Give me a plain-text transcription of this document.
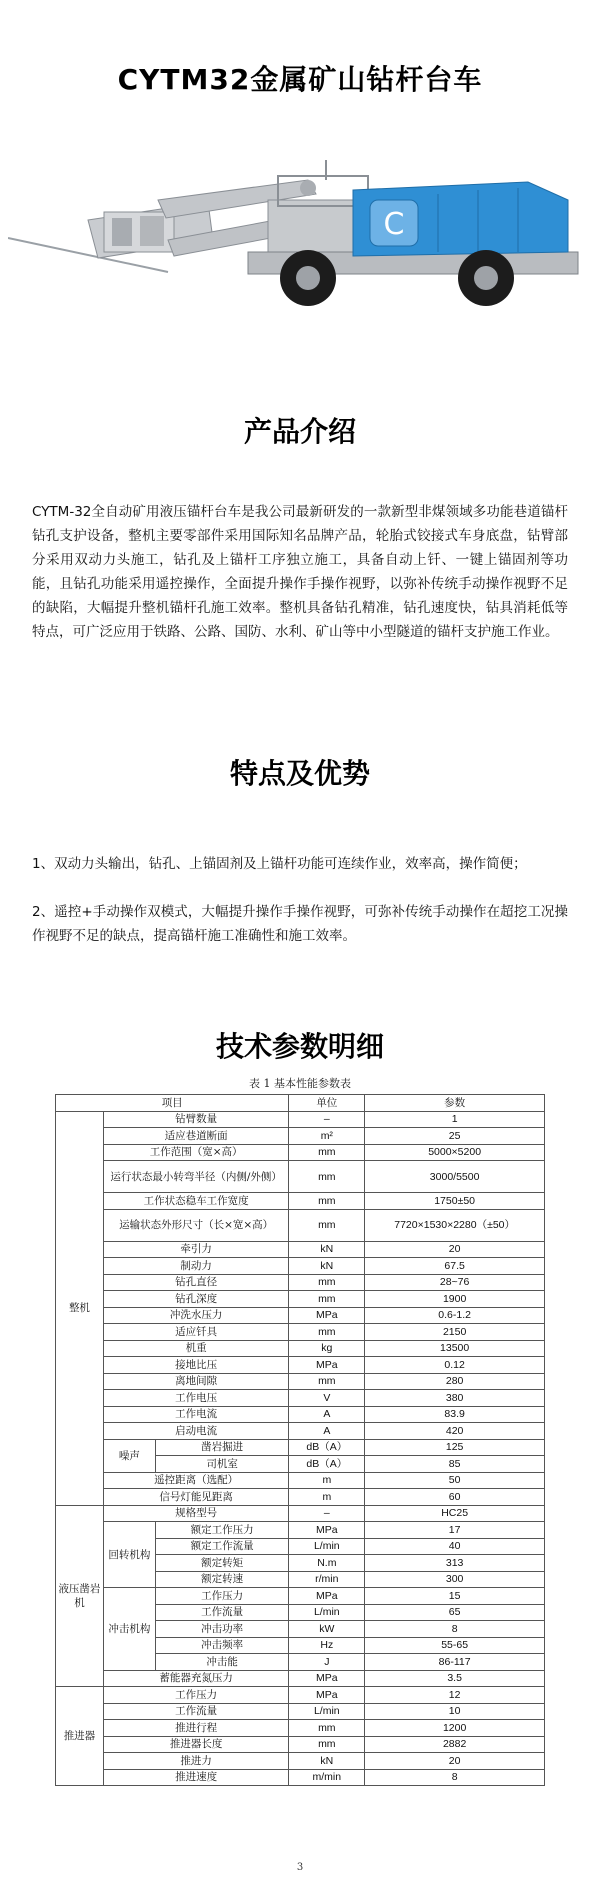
CYTM32金属矿山钻杆台车
C
产品介绍
CYTM-32全自动矿用液压锚杆台车是我公司最新研发的一款新型非煤领域多功能巷道锚杆钻孔支护设备，整机主要零部件采用国际知名品牌产品，轮胎式铰接式车身底盘，钻臂部分采用双动力头施工，钻孔及上锚杆工序独立施工，具备自动上钎、一键上锚固剂等功能，且钻孔功能采用遥控操作，全面提升操作手操作视野，以弥补传统手动操作视野不足的缺陷，大幅提升整机锚杆孔施工效率。整机具备钻孔精准，钻孔速度快，钻具消耗低等特点，可广泛应用于铁路、公路、国防、水利、矿山等中小型隧道的锚杆支护施工作业。
特点及优势
1、双动力头输出，钻孔、上锚固剂及上锚杆功能可连续作业，效率高，操作简便；
2、遥控+手动操作双模式，大幅提升操作手操作视野，可弥补传统手动操作在超挖工况操作视野不足的缺点，提高锚杆施工准确性和施工效率。
技术参数明细
表 1 基本性能参数表
项目			单位	参数
整机	钻臂数量		–	1
	适应巷道断面		m²	25
	工作范围（宽×高）		mm	5000×5200
	运行状态最小转弯半径（内侧/外侧）		mm	3000/5500
	工作状态稳车工作宽度		mm	1750±50
	运输状态外形尺寸（长×宽×高）		mm	7720×1530×2280（±50）
	牵引力		kN	20
	制动力		kN	67.5
	钻孔直径		mm	28~76
	钻孔深度		mm	1900
	冲洗水压力		MPa	0.6-1.2
	适应钎具		mm	2150
	机重		kg	13500
	接地比压		MPa	0.12
	离地间隙		mm	280
	工作电压		V	380
	工作电流		A	83.9
	启动电流		A	420
	噪声	凿岩掘进	dB（A）	125
		司机室	dB（A）	85
	遥控距离（选配）		m	50
	信号灯能见距离		m	60
液压凿岩机	规格型号		–	HC25
	回转机构	额定工作压力	MPa	17
		额定工作流量	L/min	40
		额定转矩	N.m	313
		额定转速	r/min	300
	冲击机构	工作压力	MPa	15
		工作流量	L/min	65
		冲击功率	kW	8
		冲击频率	Hz	55-65
		冲击能	J	86-117
	蓄能器充氮压力		MPa	3.5
推进器	工作压力		MPa	12
	工作流量		L/min	10
	推进行程		mm	1200
	推进器长度		mm	2882
	推进力		kN	20
	推进速度		m/min	8
3
